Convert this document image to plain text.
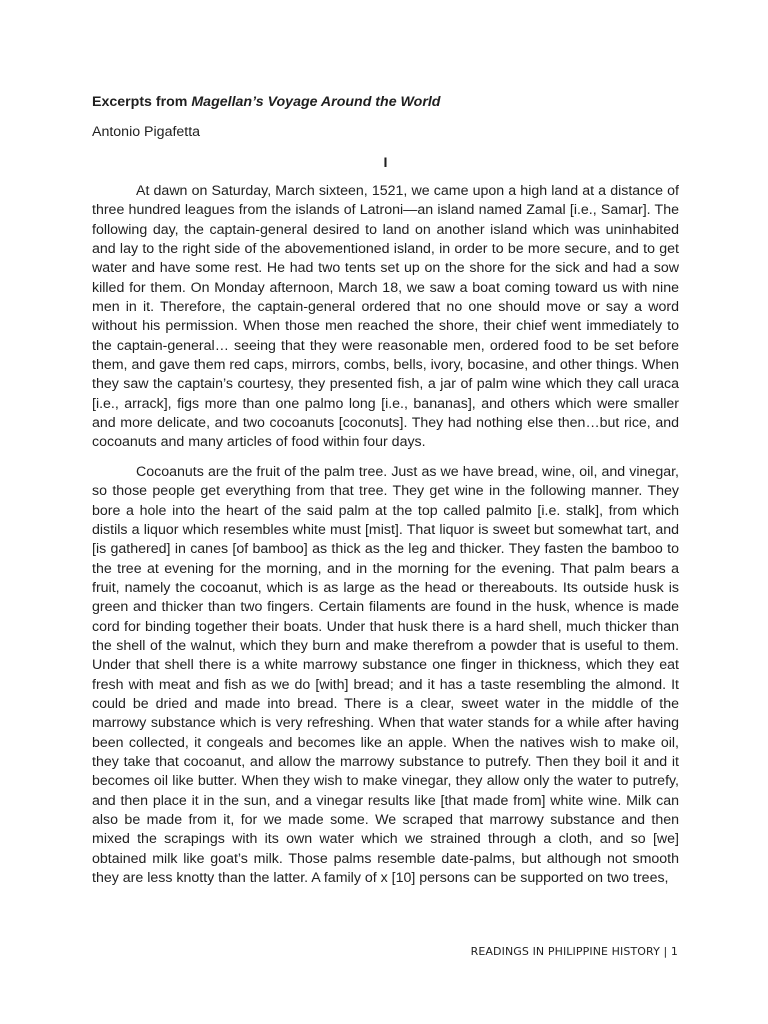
Excerpts from Magellan’s Voyage Around the World

Antonio Pigafetta

I

At dawn on Saturday, March sixteen, 1521, we came upon a high land at a distance of three hundred leagues from the islands of Latroni—an island named Zamal [i.e., Samar]. The following day, the captain-general desired to land on another island which was uninhabited and lay to the right side of the abovementioned island, in order to be more secure, and to get water and have some rest. He had two tents set up on the shore for the sick and had a sow killed for them. On Monday afternoon, March 18, we saw a boat coming toward us with nine men in it. Therefore, the captain-general ordered that no one should move or say a word without his permission. When those men reached the shore, their chief went immediately to the captain-general… seeing that they were reasonable men, ordered food to be set before them, and gave them red caps, mirrors, combs, bells, ivory, bocasine, and other things. When they saw the captain’s courtesy, they presented fish, a jar of palm wine which they call uraca [i.e., arrack], figs more than one palmo long [i.e., bananas], and others which were smaller and more delicate, and two cocoanuts [coconuts]. They had nothing else then…but rice, and cocoanuts and many articles of food within four days.

Cocoanuts are the fruit of the palm tree. Just as we have bread, wine, oil, and vinegar, so those people get everything from that tree. They get wine in the following manner. They bore a hole into the heart of the said palm at the top called palmito [i.e. stalk], from which distils a liquor which resembles white must [mist]. That liquor is sweet but somewhat tart, and [is gathered] in canes [of bamboo] as thick as the leg and thicker. They fasten the bamboo to the tree at evening for the morning, and in the morning for the evening. That palm bears a fruit, namely the cocoanut, which is as large as the head or thereabouts. Its outside husk is green and thicker than two fingers. Certain filaments are found in the husk, whence is made cord for binding together their boats. Under that husk there is a hard shell, much thicker than the shell of the walnut, which they burn and make therefrom a powder that is useful to them. Under that shell there is a white marrowy substance one finger in thickness, which they eat fresh with meat and fish as we do [with] bread; and it has a taste resembling the almond. It could be dried and made into bread. There is a clear, sweet water in the middle of the marrowy substance which is very refreshing. When that water stands for a while after having been collected, it congeals and becomes like an apple. When the natives wish to make oil, they take that cocoanut, and allow the marrowy substance to putrefy. Then they boil it and it becomes oil like butter. When they wish to make vinegar, they allow only the water to putrefy, and then place it in the sun, and a vinegar results like [that made from] white wine. Milk can also be made from it, for we made some. We scraped that marrowy substance and then mixed the scrapings with its own water which we strained through a cloth, and so [we] obtained milk like goat’s milk. Those palms resemble date-palms, but although not smooth they are less knotty than the latter. A family of x [10] persons can be supported on two trees,

READINGS IN PHILIPPINE HISTORY | 1
